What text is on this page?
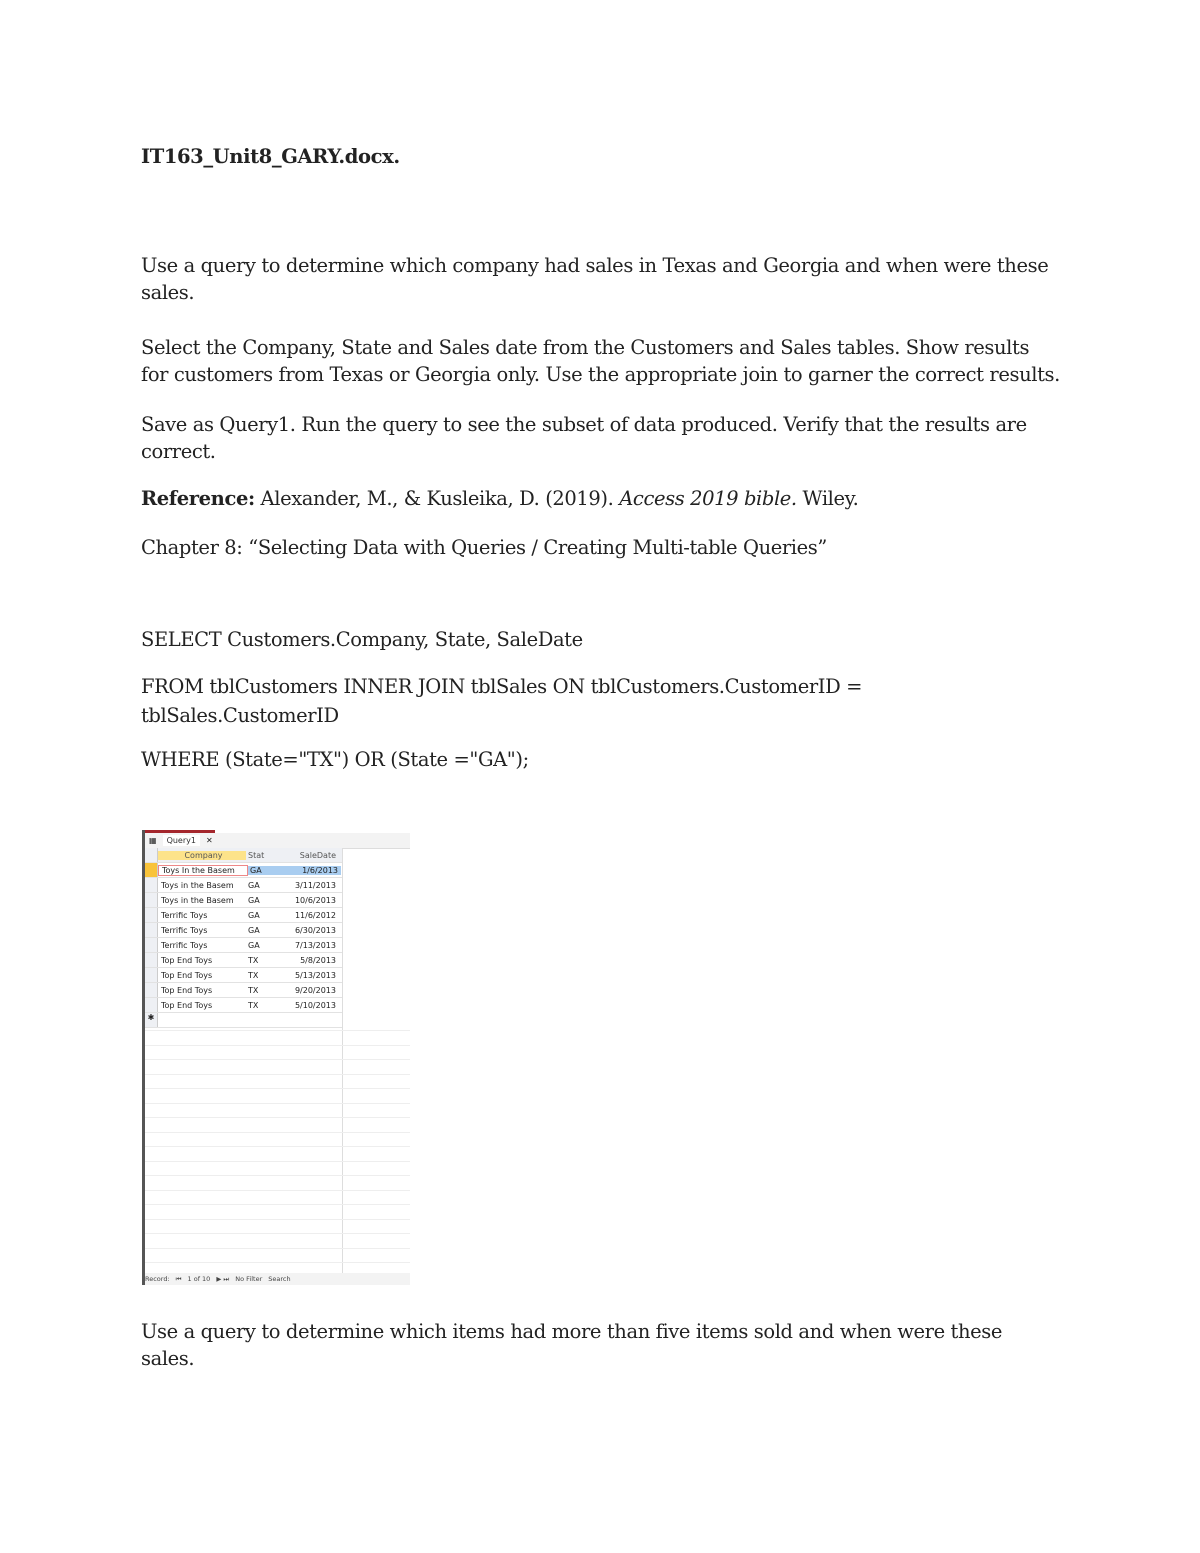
IT163_Unit8_GARY.docx.
Use a query to determine which company had sales in Texas and Georgia and when were these sales.
Select the Company, State and Sales date from the Customers and Sales tables. Show results for customers from Texas or Georgia only. Use the appropriate join to garner the correct results.
Save as Query1. Run the query to see the subset of data produced. Verify that the results are correct.
Reference: Alexander, M., & Kusleika, D. (2019). Access 2019 bible. Wiley.
Chapter 8: “Selecting Data with Queries / Creating Multi-table Queries”
SELECT Customers.Company, State, SaleDate
FROM tblCustomers INNER JOIN tblSales ON tblCustomers.CustomerID = tblSales.CustomerID
WHERE (State="TX") OR (State ="GA");
▦	Query1	✕
Company	Stat	SaleDate
Toys In the Basem	GA	1/6/2013
Toys in the Basem	GA	3/11/2013
Toys in the Basem	GA	10/6/2013
Terrific Toys	GA	11/6/2012
Terrific Toys	GA	6/30/2013
Terrific Toys	GA	7/13/2013
Top End Toys	TX	5/8/2013
Top End Toys	TX	5/13/2013
Top End Toys	TX	9/20/2013
Top End Toys	TX	5/10/2013
✱
Record: ⏮ 1 of 10 ▶ ⏭ No Filter Search
Use a query to determine which items had more than five items sold and when were these sales.
